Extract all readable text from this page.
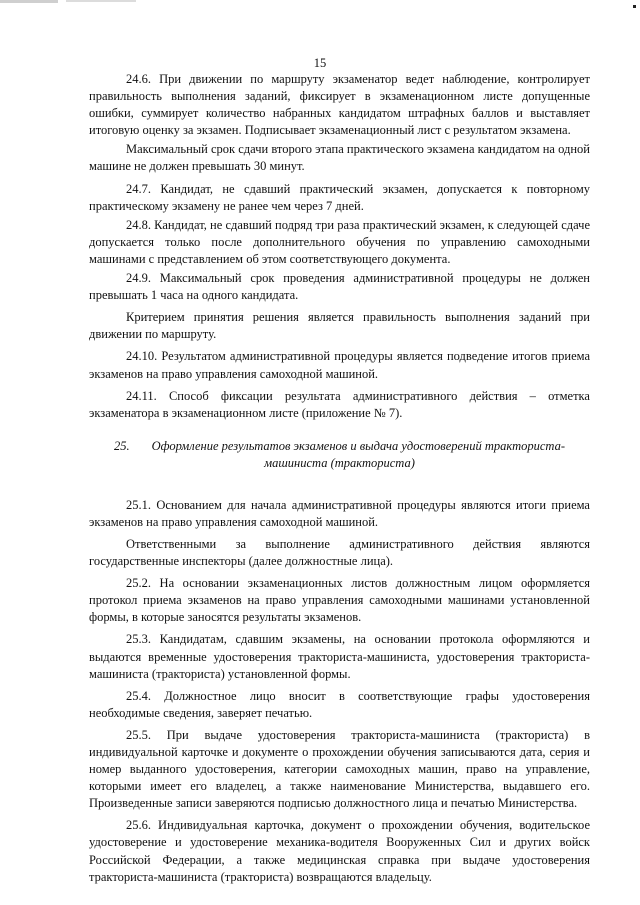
15

24.6. При движении по маршруту экзаменатор ведет наблюдение, контролирует правильность выполнения заданий, фиксирует в экзаменационном листе допущенные ошибки, суммирует количество набранных кандидатом штрафных баллов и выставляет итоговую оценку за экзамен. Подписывает экзаменационный лист с результатом экзамена.

Максимальный срок сдачи второго этапа практического экзамена кандидатом на одной машине не должен превышать 30 минут.

24.7. Кандидат, не сдавший практический экзамен, допускается к повторному практическому экзамену не ранее чем через 7 дней.

24.8. Кандидат, не сдавший подряд три раза практический экзамен, к следующей сдаче допускается только после дополнительного обучения по управлению самоходными машинами с представлением об этом соответствующего документа.

24.9. Максимальный срок проведения административной процедуры не должен превышать 1 часа на одного кандидата.

Критерием принятия решения является правильность выполнения заданий при движении по маршруту.

24.10. Результатом административной процедуры является подведение итогов приема экзаменов на право управления самоходной машиной.

24.11. Способ фиксации результата административного действия – отметка экзаменатора в экзаменационном листе (приложение № 7).

25. Оформление результатов экзаменов и выдача удостоверений тракториста-
машиниста (тракториста)

25.1. Основанием для начала административной процедуры являются итоги приема экзаменов на право управления самоходной машиной.

Ответственными за выполнение административного действия являются государственные инспекторы (далее должностные лица).

25.2. На основании экзаменационных листов должностным лицом оформляется протокол приема экзаменов на право управления самоходными машинами установленной формы, в которые заносятся результаты экзаменов.

25.3. Кандидатам, сдавшим экзамены, на основании протокола оформляются и выдаются временные удостоверения тракториста-машиниста, удостоверения тракториста-машиниста (тракториста) установленной формы.

25.4. Должностное лицо вносит в соответствующие графы удостоверения необходимые сведения, заверяет печатью.

25.5. При выдаче удостоверения тракториста-машиниста (тракториста) в индивидуальной карточке и документе о прохождении обучения записываются дата, серия и номер выданного удостоверения, категории самоходных машин, право на управление, которыми имеет его владелец, а также наименование Министерства, выдавшего его. Произведенные записи заверяются подписью должностного лица и печатью Министерства.

25.6. Индивидуальная карточка, документ о прохождении обучения, водительское удостоверение и удостоверение механика-водителя Вооруженных Сил и других войск Российской Федерации, а также медицинская справка при выдаче удостоверения тракториста-машиниста (тракториста) возвращаются владельцу.
